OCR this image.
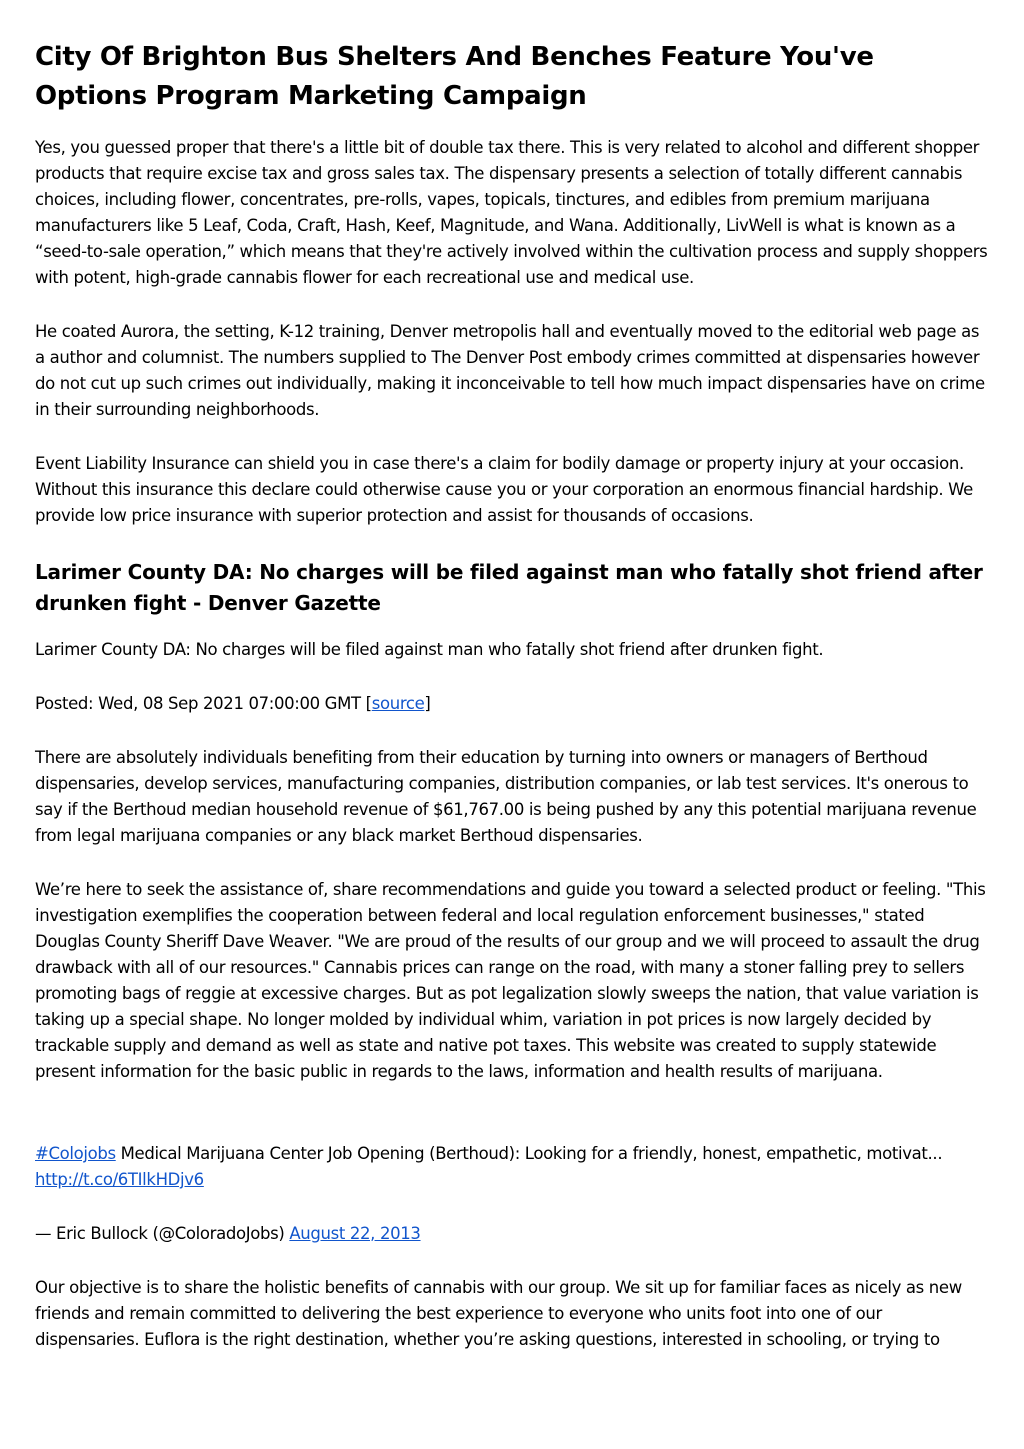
City Of Brighton Bus Shelters And Benches Feature You've Options Program Marketing Campaign

Yes, you guessed proper that there's a little bit of double tax there. This is very related to alcohol and different shopper products that require excise tax and gross sales tax. The dispensary presents a selection of totally different cannabis choices, including flower, concentrates, pre-rolls, vapes, topicals, tinctures, and edibles from premium marijuana manufacturers like 5 Leaf, Coda, Craft, Hash, Keef, Magnitude, and Wana. Additionally, LivWell is what is known as a “seed-to-sale operation,” which means that they're actively involved within the cultivation process and supply shoppers with potent, high-grade cannabis flower for each recreational use and medical use.

He coated Aurora, the setting, K-12 training, Denver metropolis hall and eventually moved to the editorial web page as a author and columnist. The numbers supplied to The Denver Post embody crimes committed at dispensaries however do not cut up such crimes out individually, making it inconceivable to tell how much impact dispensaries have on crime in their surrounding neighborhoods.

Event Liability Insurance can shield you in case there's a claim for bodily damage or property injury at your occasion. Without this insurance this declare could otherwise cause you or your corporation an enormous financial hardship. We provide low price insurance with superior protection and assist for thousands of occasions.

Larimer County DA: No charges will be filed against man who fatally shot friend after drunken fight - Denver Gazette

Larimer County DA: No charges will be filed against man who fatally shot friend after drunken fight.

Posted: Wed, 08 Sep 2021 07:00:00 GMT [source]

There are absolutely individuals benefiting from their education by turning into owners or managers of Berthoud dispensaries, develop services, manufacturing companies, distribution companies, or lab test services. It's onerous to say if the Berthoud median household revenue of $61,767.00 is being pushed by any this potential marijuana revenue from legal marijuana companies or any black market Berthoud dispensaries.

We’re here to seek the assistance of, share recommendations and guide you toward a selected product or feeling. "This investigation exemplifies the cooperation between federal and local regulation enforcement businesses," stated Douglas County Sheriff Dave Weaver. "We are proud of the results of our group and we will proceed to assault the drug drawback with all of our resources." Cannabis prices can range on the road, with many a stoner falling prey to sellers promoting bags of reggie at excessive charges. But as pot legalization slowly sweeps the nation, that value variation is taking up a special shape. No longer molded by individual whim, variation in pot prices is now largely decided by trackable supply and demand as well as state and native pot taxes. This website was created to supply statewide present information for the basic public in regards to the laws, information and health results of marijuana.

#Colojobs Medical Marijuana Center Job Opening (Berthoud): Looking for a friendly, honest, empathetic, motivat... http://t.co/6TIlkHDjv6

— Eric Bullock (@ColoradoJobs) August 22, 2013

Our objective is to share the holistic benefits of cannabis with our group. We sit up for familiar faces as nicely as new friends and remain committed to delivering the best experience to everyone who units foot into one of our dispensaries. Euflora is the right destination, whether you’re asking questions, interested in schooling, or trying to
